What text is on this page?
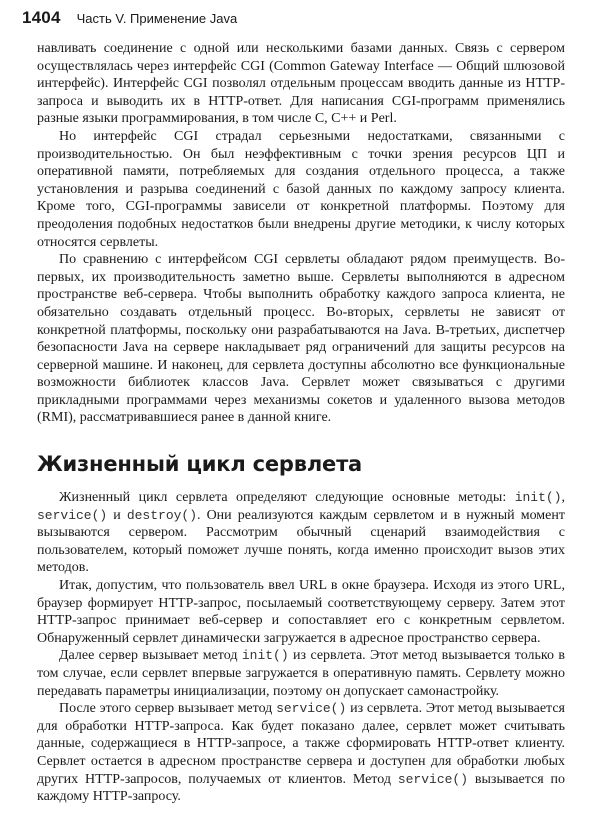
1404 Часть V. Применение Java

навливать соединение с одной или несколькими базами данных. Связь с сервером осуществлялась через интерфейс CGI (Common Gateway Interface — Общий шлюзовой интерфейс). Интерфейс CGI позволял отдельным процессам вводить данные из HTTP-запроса и выводить их в HTTP-ответ. Для написания CGI-программ применялись разные языки программирования, в том числе C, C++ и Perl.

Но интерфейс CGI страдал серьезными недостатками, связанными с производительностью. Он был неэффективным с точки зрения ресурсов ЦП и оперативной памяти, потребляемых для создания отдельного процесса, а также установления и разрыва соединений с базой данных по каждому запросу клиента. Кроме того, CGI-программы зависели от конкретной платформы. Поэтому для преодоления подобных недостатков были внедрены другие методики, к числу которых относятся сервлеты.

По сравнению с интерфейсом CGI сервлеты обладают рядом преимуществ. Во-первых, их производительность заметно выше. Сервлеты выполняются в адресном пространстве веб-сервера. Чтобы выполнить обработку каждого запроса клиента, не обязательно создавать отдельный процесс. Во-вторых, сервлеты не зависят от конкретной платформы, поскольку они разрабатываются на Java. В-третьих, диспетчер безопасности Java на сервере накладывает ряд ограничений для защиты ресурсов на серверной машине. И наконец, для сервлета доступны абсолютно все функциональные возможности библиотек классов Java. Сервлет может связываться с другими прикладными программами через механизмы сокетов и удаленного вызова методов (RMI), рассматривавшиеся ранее в данной книге.

Жизненный цикл сервлета

Жизненный цикл сервлета определяют следующие основные методы: init(), service() и destroy(). Они реализуются каждым сервлетом и в нужный момент вызываются сервером. Рассмотрим обычный сценарий взаимодействия с пользователем, который поможет лучше понять, когда именно происходит вызов этих методов.

Итак, допустим, что пользователь ввел URL в окне браузера. Исходя из этого URL, браузер формирует HTTP-запрос, посылаемый соответствующему серверу. Затем этот HTTP-запрос принимает веб-сервер и сопоставляет его с конкретным сервлетом. Обнаруженный сервлет динамически загружается в адресное пространство сервера.

Далее сервер вызывает метод init() из сервлета. Этот метод вызывается только в том случае, если сервлет впервые загружается в оперативную память. Сервлету можно передавать параметры инициализации, поэтому он допускает самонастройку.

После этого сервер вызывает метод service() из сервлета. Этот метод вызывается для обработки HTTP-запроса. Как будет показано далее, сервлет может считывать данные, содержащиеся в HTTP-запросе, а также сформировать HTTP-ответ клиенту. Сервлет остается в адресном пространстве сервера и доступен для обработки любых других HTTP-запросов, получаемых от клиентов. Метод service() вызывается по каждому HTTP-запросу.
